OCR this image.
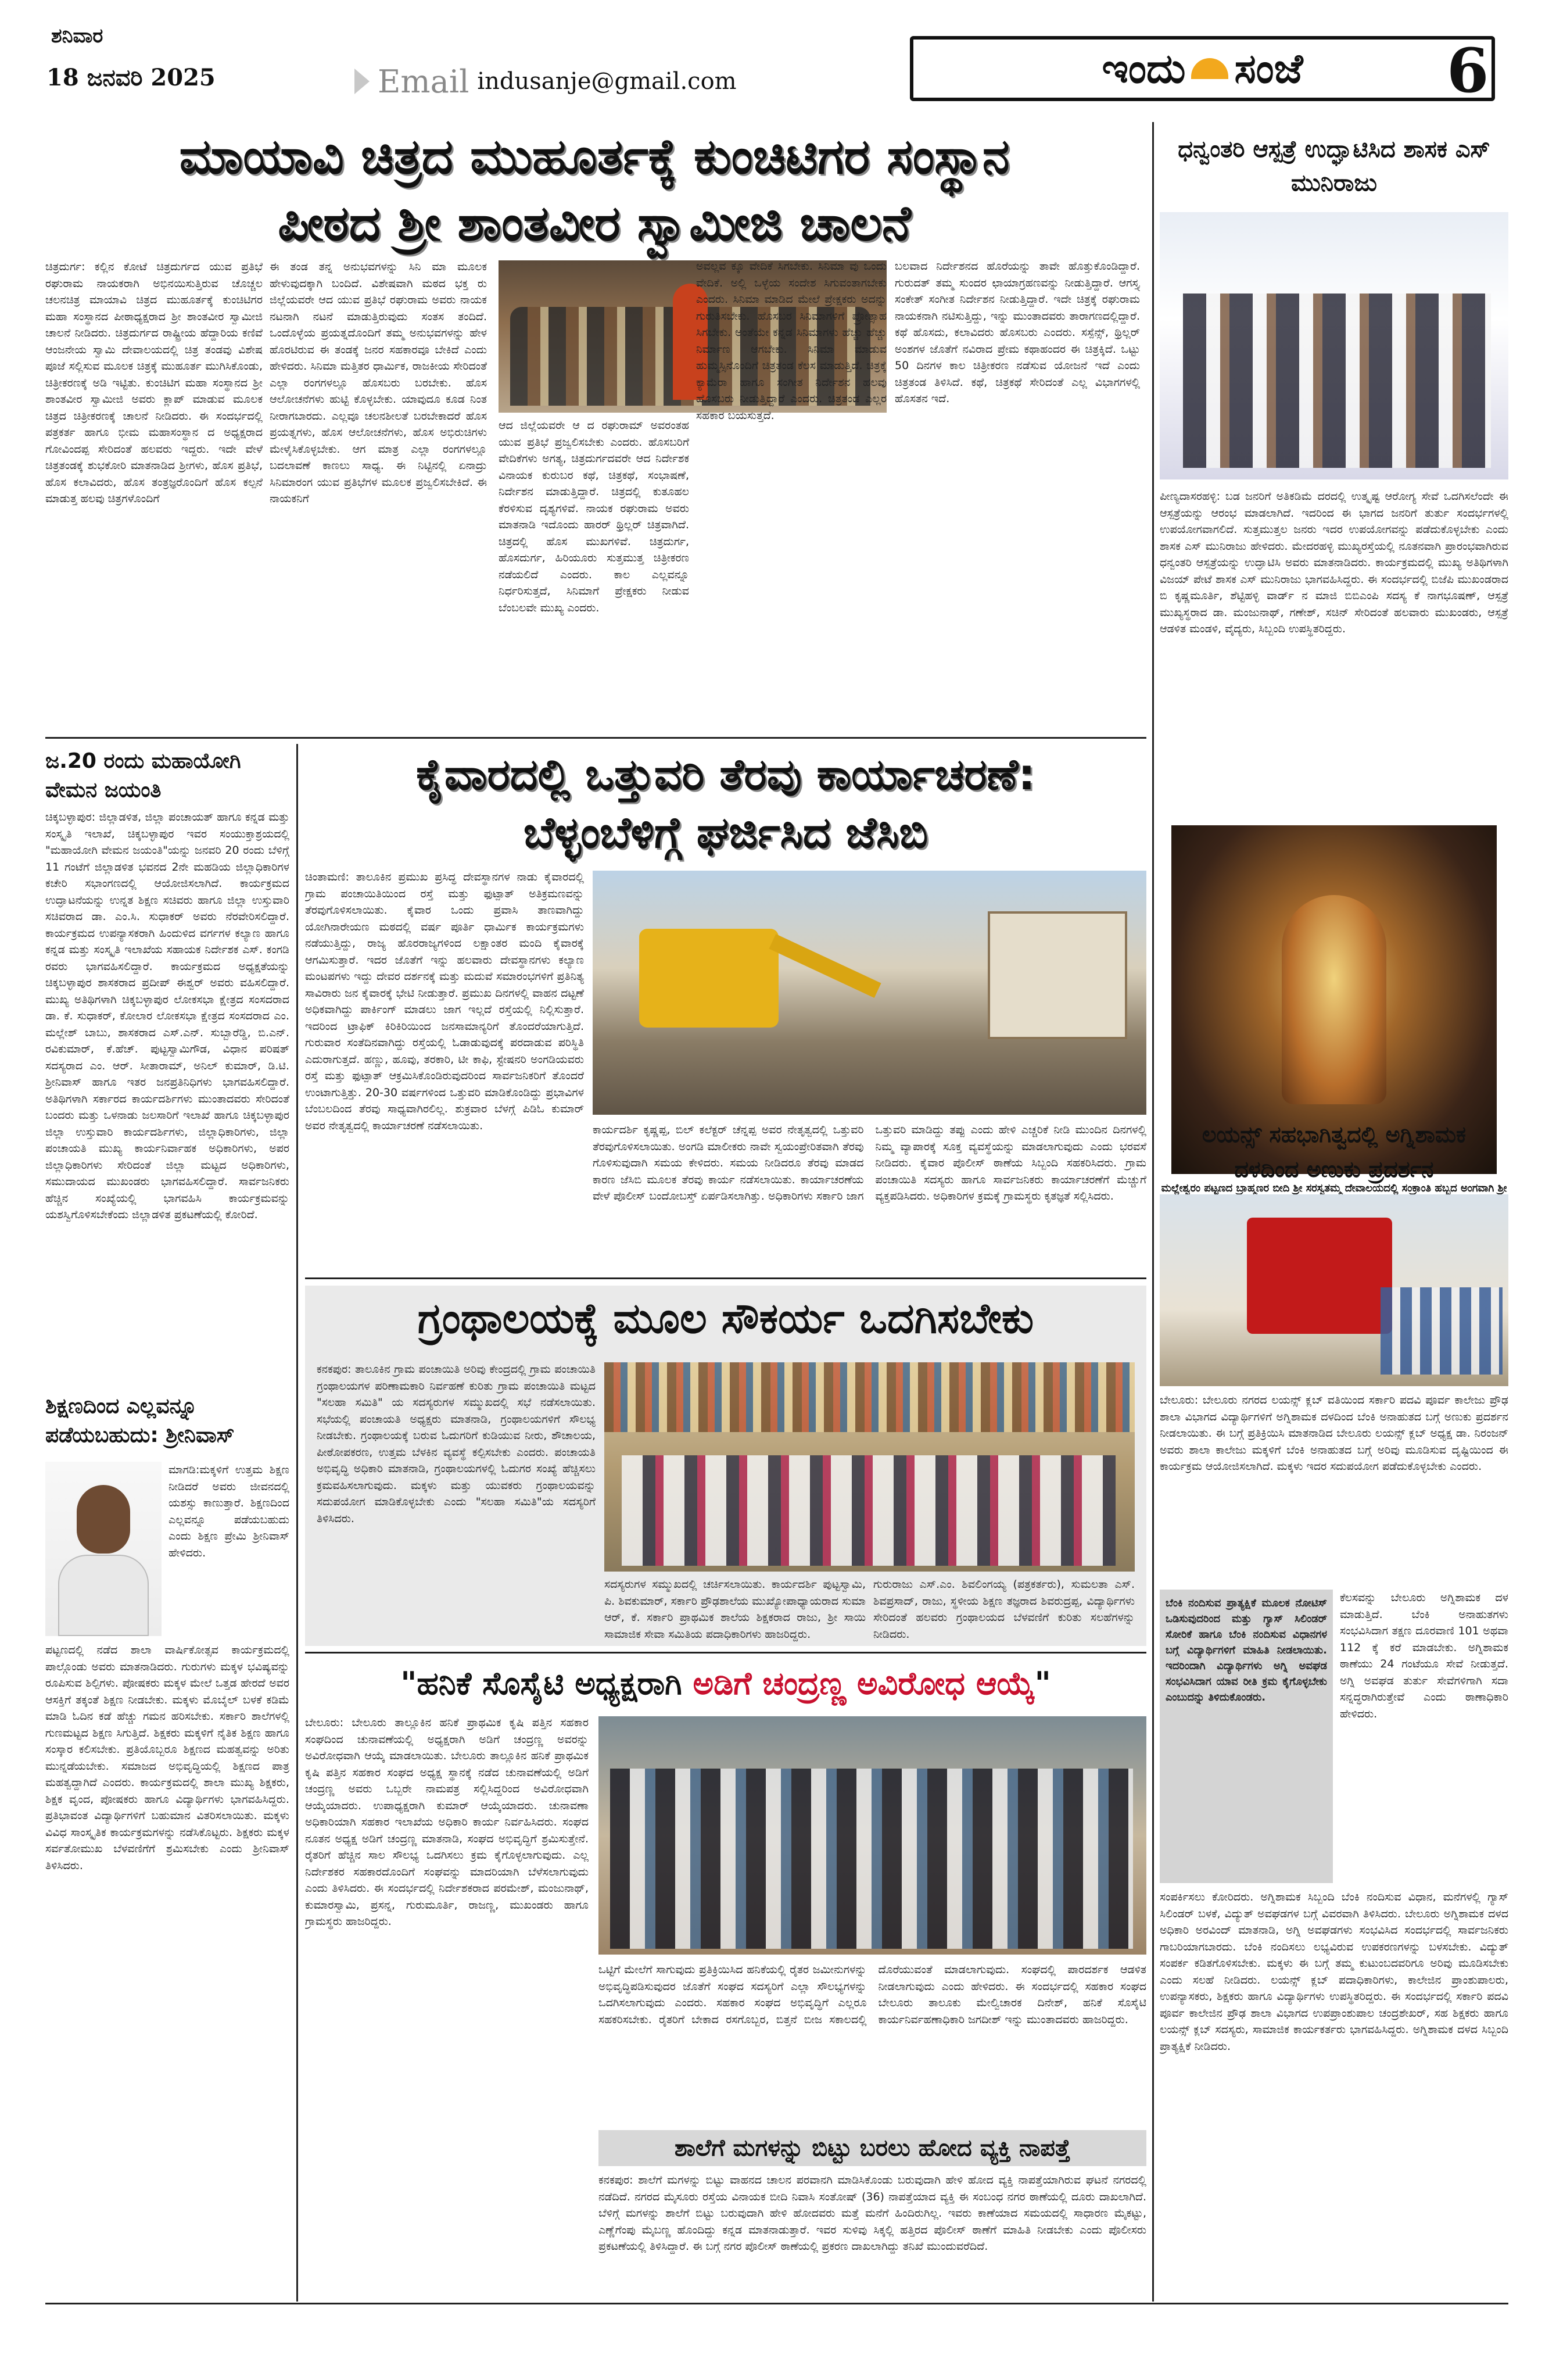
ಶನಿವಾರ
18 ಜನವರಿ 2025	Email indusanje@gmail.com	ಇಂದು ಸಂಜೆ 6
ಮಾಯಾವಿ ಚಿತ್ರದ ಮುಹೂರ್ತಕ್ಕೆ ಕುಂಚಿಟಿಗರ ಸಂಸ್ಥಾನ
ಪೀಠದ ಶ್ರೀ ಶಾಂತವೀರ ಸ್ವಾಮೀಜಿ ಚಾಲನೆ
ಚಿತ್ರದುರ್ಗ: ಕಲ್ಲಿನ ಕೋಟೆ ಚಿತ್ರದುರ್ಗದ ಯುವ ಪ್ರತಿಭೆ ರಘುರಾಮ ನಾಯಕರಾಗಿ ಅಭಿನಯಿಸುತ್ತಿರುವ ಚೊಚ್ಚಲ ಚಲನಚಿತ್ರ ಮಾಯಾವಿ ಚಿತ್ರದ ಮುಹೂರ್ತಕ್ಕೆ ಕುಂಚಿಟಿಗರ ಮಹಾ ಸಂಸ್ಥಾನದ ಪೀಠಾಧ್ಯಕ್ಷರಾದ ಶ್ರೀ ಶಾಂತವೀರ ಸ್ವಾಮೀಜಿ ಚಾಲನೆ ನೀಡಿದರು. ಚಿತ್ರದುರ್ಗದ ರಾಷ್ಟ್ರೀಯ ಹೆದ್ದಾರಿಯ ಕಣಿವೆ ಆಂಜನೇಯ ಸ್ವಾಮಿ ದೇವಾಲಯದಲ್ಲಿ ಚಿತ್ರ ತಂಡವು ವಿಶೇಷ ಪೂಜೆ ಸಲ್ಲಿಸುವ ಮೂಲಕ ಚಿತ್ರಕ್ಕೆ ಮುಹೂರ್ತ ಮುಗಿಸಿಕೊಂಡು, ಚಿತ್ರೀಕರಣಕ್ಕೆ ಅಡಿ ಇಟ್ಟಿತು. ಕುಂಚಿಟಿಗ ಮಹಾ ಸಂಸ್ಥಾನದ ಶ್ರೀ ಶಾಂತವೀರ ಸ್ವಾಮೀಜಿ ಅವರು ಕ್ಲಾಪ್ ಮಾಡುವ ಮೂಲಕ ಚಿತ್ರದ ಚಿತ್ರೀಕರಣಕ್ಕೆ ಚಾಲನೆ ನೀಡಿದರು. ಈ ಸಂದರ್ಭದಲ್ಲಿ ಪತ್ರಕರ್ತ ಹಾಗೂ ಭೀಮ ಮಹಾಸಂಸ್ಥಾನ ದ ಅಧ್ಯಕ್ಷರಾದ ಗೋವಿಂದಪ್ಪ ಸೇರಿದಂತೆ ಹಲವರು ಇದ್ದರು. ಇದೇ ವೇಳೆ ಚಿತ್ರತಂಡಕ್ಕೆ ಶುಭಕೋರಿ ಮಾತನಾಡಿದ ಶ್ರೀಗಳು, ಹೊಸ ಪ್ರತಿಭೆ, ಹೊಸ ಕಲಾವಿದರು, ಹೊಸ ತಂತ್ರಜ್ಞರೊಂದಿಗೆ ಹೊಸ ಕಲ್ಪನೆ ಮಾಡುತ್ತ ಹಲವು ಚಿತ್ರಗಳೊಂದಿಗೆ
ಈ ತಂಡ ತನ್ನ ಅನುಭವಗಳನ್ನು ಸಿನಿ ಮಾ ಮೂಲಕ ಹೇಳುವುದಕ್ಕಾಗಿ ಬಂದಿದೆ. ವಿಶೇಷವಾಗಿ ಮಠದ ಭಕ್ತ ರು ಜಿಲ್ಲೆಯವರೇ ಆದ ಯುವ ಪ್ರತಿಭೆ ರಘುರಾಮ ಅವರು ನಾಯಕ ನಟನಾಗಿ ನಟನೆ ಮಾಡುತ್ತಿರುವುದು ಸಂತಸ ತಂದಿದೆ. ಒಂದೊಳ್ಳೆಯ ಪ್ರಯತ್ನದೊಂದಿಗೆ ತಮ್ಮ ಅನುಭವಗಳನ್ನು ಹೇಳ ಹೊರಟಿರುವ ಈ ತಂಡಕ್ಕೆ ಜನರ ಸಹಕಾರವೂ ಬೇಕಿದೆ ಎಂದು ಹೇಳಿದರು. ಸಿನಿಮಾ ಮತ್ತಿತರ ಧಾರ್ಮಿಕ, ರಾಜಕೀಯ ಸೇರಿದಂತೆ ಎಲ್ಲಾ ರಂಗಗಳಲ್ಲೂ ಹೊಸಬರು ಬರಬೇಕು. ಹೊಸ ಆಲೋಚನೆಗಳು ಹುಟ್ಟಿ ಕೊಳ್ಳಬೇಕು. ಯಾವುದೂ ಕೂಡ ನಿಂತ ನೀರಾಗಬಾರದು. ಎಲ್ಲವೂ ಚಲನಶೀಲತೆ ಬರಬೇಕಾದರೆ ಹೊಸ ಪ್ರಯತ್ನಗಳು, ಹೊಸ ಆಲೋಚನೆಗಳು, ಹೊಸ ಅಭಿರುಚಿಗಳು ಮೇಳೈಸಿಕೊಳ್ಳಬೇಕು. ಆಗ ಮಾತ್ರ ಎಲ್ಲಾ ರಂಗಗಳಲ್ಲೂ ಬದಲಾವಣೆ ಕಾಣಲು ಸಾಧ್ಯ. ಈ ನಿಟ್ಟಿನಲ್ಲಿ ಏನಾದ್ರು ಸಿನಿಮಾರಂಗ ಯುವ ಪ್ರತಿಭೆಗಳ ಮೂಲಕ ಪ್ರಜ್ವಲಿಸಬೇಕಿದೆ. ಈ ನಾಯಕನಿಗೆ
ಆದ ಜಿಲ್ಲೆಯವರೇ ಆ ದ ರಘುರಾಮ್ ಅವರಂತಹ ಯುವ ಪ್ರತಿಭೆ ಪ್ರಜ್ವಲಿಸಬೇಕು ಎಂದರು. ಹೊಸಬರಿಗೆ ವೇದಿಕೆಗಳು ಅಗತ್ಯ, ಚಿತ್ರದುರ್ಗದವರೇ ಆದ ನಿರ್ದೇಶಕ ವಿನಾಯಕ ಕುರುಬರ ಕಥೆ, ಚಿತ್ರಕಥೆ, ಸಂಭಾಷಣೆ, ನಿರ್ದೇಶನ ಮಾಡುತ್ತಿದ್ದಾರೆ. ಚಿತ್ರದಲ್ಲಿ ಕುತೂಹಲ ಕೆರಳಿಸುವ ದೃಶ್ಯಗಳಿವೆ. ನಾಯಕ ರಘುರಾಮ ಅವರು ಮಾತನಾಡಿ ಇದೊಂದು ಹಾರರ್ ಥ್ರಿಲ್ಲರ್ ಚಿತ್ರವಾಗಿದೆ. ಚಿತ್ರದಲ್ಲಿ ಹೊಸ ಮುಖಗಳಿವೆ. ಚಿತ್ರದುರ್ಗ, ಹೊಸದುರ್ಗ, ಹಿರಿಯೂರು ಸುತ್ತಮುತ್ತ ಚಿತ್ರೀಕರಣ ನಡೆಯಲಿದೆ ಎಂದರು. ಕಾಲ ಎಲ್ಲವನ್ನೂ ನಿರ್ಧರಿಸುತ್ತದೆ, ಸಿನಿಮಾಗೆ ಪ್ರೇಕ್ಷಕರು ನೀಡುವ ಬೆಂಬಲವೇ ಮುಖ್ಯ ಎಂದರು.
ಅವಲ್ಲವ ಕ್ಕೂ ವೇದಿಕೆ ಸಿಗಬೇಕು. ಸಿನಿಮಾ ವು ಒಂದು ವೇದಿಕೆ. ಅಲ್ಲಿ ಒಳ್ಳೆಯ ಸಂದೇಶ ಸಿಗುವಂತಾಗಬೇಕು ಎಂದರು. ಸಿನಿಮಾ ಮಾಡಿದ ಮೇಲೆ ಪ್ರೇಕ್ಷಕರು ಅದನ್ನು ಗುರುತಿಸಬೇಕು. ಹೊಸಬರ ಸಿನಿಮಾಗಳಿಗೆ ಪ್ರೋತ್ಸಾಹ ಸಿಗಬೇಕು. ಅಂತೆಯೇ ಕನ್ನಡ ಸಿನಿಮಾಗಳು ಹೆಚ್ಚು ಹೆಚ್ಚು ನಿರ್ಮಾಣ ಆಗಬೇಕು. ಸಿನಿಮಾ ಮಾಡುವ ಹುಮ್ಮಸ್ಸಿನೊಂದಿಗೆ ಚಿತ್ರತಂಡ ಕೆಲಸ ಮಾಡುತ್ತಿದೆ. ಚಿತ್ರಕ್ಕೆ ಕ್ಯಾಮೆರಾ ಹಾಗೂ ಸಂಗೀತ ನಿರ್ದೇಶನ ಹಲವು ಹೊಸಬರು ನೀಡುತ್ತಿದ್ದಾರೆ ಎಂದರು. ಚಿತ್ರತಂಡ ಎಲ್ಲರ ಸಹಕಾರ ಬಯಸುತ್ತದೆ.
ಬಲವಾದ ನಿರ್ದೇಶನದ ಹೊರೆಯನ್ನು ತಾವೇ ಹೊತ್ತುಕೊಂಡಿದ್ದಾರೆ. ಗುರುದತ್ ತಮ್ಮ ಸುಂದರ ಛಾಯಾಗ್ರಹಣವನ್ನು ನೀಡುತ್ತಿದ್ದಾರೆ. ಆಗಸ್ತ್ಯ ಸಂಕೇತ್ ಸಂಗೀತ ನಿರ್ದೇಶನ ನೀಡುತ್ತಿದ್ದಾರೆ. ಇದೇ ಚಿತ್ರಕ್ಕೆ ರಘುರಾಮ ನಾಯಕನಾಗಿ ನಟಿಸುತ್ತಿದ್ದು, ಇನ್ನು ಮುಂತಾದವರು ತಾರಾಗಣದಲ್ಲಿದ್ದಾರೆ. ಕಥೆ ಹೊಸದು, ಕಲಾವಿದರು ಹೊಸಬರು ಎಂದರು. ಸಸ್ಪೆನ್ಸ್, ಥ್ರಿಲ್ಲರ್ ಅಂಶಗಳ ಜೊತೆಗೆ ನವಿರಾದ ಪ್ರೇಮ ಕಥಾಹಂದರ ಈ ಚಿತ್ರಕ್ಕಿದೆ. ಒಟ್ಟು 50 ದಿನಗಳ ಕಾಲ ಚಿತ್ರೀಕರಣ ನಡೆಸುವ ಯೋಜನೆ ಇದೆ ಎಂದು ಚಿತ್ರತಂಡ ತಿಳಿಸಿದೆ. ಕಥೆ, ಚಿತ್ರಕಥೆ ಸೇರಿದಂತೆ ಎಲ್ಲ ವಿಭಾಗಗಳಲ್ಲಿ ಹೊಸತನ ಇದೆ.
ಧನ್ವಂತರಿ ಆಸ್ಪತ್ರೆ ಉದ್ಘಾಟಿಸಿದ ಶಾಸಕ ಎಸ್ ಮುನಿರಾಜು
ಪೀಣ್ಯದಾಸರಹಳ್ಳಿ: ಬಡ ಜನರಿಗೆ ಅತಿಕಡಿಮೆ ದರದಲ್ಲಿ ಉತ್ಕೃಷ್ಟ ಆರೋಗ್ಯ ಸೇವೆ ಒದಗಿಸಲೆಂದೇ ಈ ಆಸ್ಪತ್ರೆಯನ್ನು ಆರಂಭ ಮಾಡಲಾಗಿದೆ. ಇದರಿಂದ ಈ ಭಾಗದ ಜನರಿಗೆ ತುರ್ತು ಸಂದರ್ಭಗಳಲ್ಲಿ ಉಪಯೋಗವಾಗಲಿದೆ. ಸುತ್ತಮುತ್ತಲ ಜನರು ಇದರ ಉಪಯೋಗವನ್ನು ಪಡೆದುಕೊಳ್ಳಬೇಕು ಎಂದು ಶಾಸಕ ಎಸ್ ಮುನಿರಾಜು ಹೇಳಿದರು. ಮೇದರಹಳ್ಳಿ ಮುಖ್ಯರಸ್ತೆಯಲ್ಲಿ ನೂತನವಾಗಿ ಪ್ರಾರಂಭವಾಗಿರುವ ಧನ್ವಂತರಿ ಆಸ್ಪತ್ರೆಯನ್ನು ಉದ್ಘಾಟಿಸಿ ಅವರು ಮಾತನಾಡಿದರು. ಕಾರ್ಯಕ್ರಮದಲ್ಲಿ ಮುಖ್ಯ ಅತಿಥಿಗಳಾಗಿ ವಿಜಯ್ ಪೇಟೆ ಶಾಸಕ ಎಸ್ ಮುನಿರಾಜು ಭಾಗವಹಿಸಿದ್ದರು. ಈ ಸಂದರ್ಭದಲ್ಲಿ ಬಿಜೆಪಿ ಮುಖಂಡರಾದ ಬಿ ಕೃಷ್ಣಮೂರ್ತಿ, ಶೆಟ್ಟಿಹಳ್ಳಿ ವಾರ್ಡ್ ನ ಮಾಜಿ ಬಿಬಿಎಂಪಿ ಸದಸ್ಯ ಕೆ ನಾಗಭೂಷಣ್, ಆಸ್ಪತ್ರೆ ಮುಖ್ಯಸ್ಥರಾದ ಡಾ. ಮಂಜುನಾಥ್, ಗಣೇಶ್, ಸಚಿನ್ ಸೇರಿದಂತೆ ಹಲವಾರು ಮುಖಂಡರು, ಆಸ್ಪತ್ರೆ ಆಡಳಿತ ಮಂಡಳಿ, ವೈದ್ಯರು, ಸಿಬ್ಬಂದಿ ಉಪಸ್ಥಿತರಿದ್ದರು.
ಮಲ್ಲೇಶ್ವರಂ ಪಟ್ಟಣದ ಬ್ರಾಹ್ಮಣರ ಬೀದಿ ಶ್ರೀ ಸರಸ್ವತಮ್ಮ ದೇವಾಲಯದಲ್ಲಿ ಸಂಕ್ರಾಂತಿ ಹಬ್ಬದ ಅಂಗವಾಗಿ ಶ್ರೀ
ಜ.20 ರಂದು ಮಹಾಯೋಗಿ ವೇಮನ ಜಯಂತಿ
ಚಿಕ್ಕಬಳ್ಳಾಪುರ: ಜಿಲ್ಲಾಡಳಿತ, ಜಿಲ್ಲಾ ಪಂಚಾಯತ್ ಹಾಗೂ ಕನ್ನಡ ಮತ್ತು ಸಂಸ್ಕೃತಿ ಇಲಾಖೆ, ಚಿಕ್ಕಬಳ್ಳಾಪುರ ಇವರ ಸಂಯುಕ್ತಾಶ್ರಯದಲ್ಲಿ "ಮಹಾಯೋಗಿ ವೇಮನ ಜಯಂತಿ"ಯನ್ನು ಜನವರಿ 20 ರಂದು ಬೆಳಿಗ್ಗೆ 11 ಗಂಟೆಗೆ ಜಿಲ್ಲಾಡಳಿತ ಭವನದ 2ನೇ ಮಹಡಿಯ ಜಿಲ್ಲಾಧಿಕಾರಿಗಳ ಕಚೇರಿ ಸಭಾಂಗಣದಲ್ಲಿ ಆಯೋಜಿಸಲಾಗಿದೆ. ಕಾರ್ಯಕ್ರಮದ ಉದ್ಘಾಟನೆಯನ್ನು ಉನ್ನತ ಶಿಕ್ಷಣ ಸಚಿವರು ಹಾಗೂ ಜಿಲ್ಲಾ ಉಸ್ತುವಾರಿ ಸಚಿವರಾದ ಡಾ. ಎಂ.ಸಿ. ಸುಧಾಕರ್ ಅವರು ನೆರವೇರಿಸಲಿದ್ದಾರೆ. ಕಾರ್ಯಕ್ರಮದ ಉಪನ್ಯಾಸಕರಾಗಿ ಹಿಂದುಳಿದ ವರ್ಗಗಳ ಕಲ್ಯಾಣ ಹಾಗೂ ಕನ್ನಡ ಮತ್ತು ಸಂಸ್ಕೃತಿ ಇಲಾಖೆಯ ಸಹಾಯಕ ನಿರ್ದೇಶಕ ಎಸ್. ಕಂಗಡಿ ರವರು ಭಾಗವಹಿಸಲಿದ್ದಾರೆ. ಕಾರ್ಯಕ್ರಮದ ಅಧ್ಯಕ್ಷತೆಯನ್ನು ಚಿಕ್ಕಬಳ್ಳಾಪುರ ಶಾಸಕರಾದ ಪ್ರದೀಪ್ ಈಶ್ವರ್ ಅವರು ವಹಿಸಲಿದ್ದಾರೆ. ಮುಖ್ಯ ಅತಿಥಿಗಳಾಗಿ ಚಿಕ್ಕಬಳ್ಳಾಪುರ ಲೋಕಸಭಾ ಕ್ಷೇತ್ರದ ಸಂಸದರಾದ ಡಾ. ಕೆ. ಸುಧಾಕರ್, ಕೋಲಾರ ಲೋಕಸಭಾ ಕ್ಷೇತ್ರದ ಸಂಸದರಾದ ಎಂ. ಮಲ್ಲೇಶ್ ಬಾಬು, ಶಾಸಕರಾದ ಎಸ್.ಎನ್. ಸುಬ್ಬಾರೆಡ್ಡಿ, ಬಿ.ಎನ್. ರವಿಕುಮಾರ್, ಕೆ.ಹೆಚ್. ಪುಟ್ಟಸ್ವಾಮಿಗೌಡ, ವಿಧಾನ ಪರಿಷತ್ ಸದಸ್ಯರಾದ ಎಂ. ಆರ್. ಸೀತಾರಾಮ್, ಅನಿಲ್ ಕುಮಾರ್, ಡಿ.ಟಿ. ಶ್ರೀನಿವಾಸ್ ಹಾಗೂ ಇತರ ಜನಪ್ರತಿನಿಧಿಗಳು ಭಾಗವಹಿಸಲಿದ್ದಾರೆ. ಅತಿಥಿಗಳಾಗಿ ಸರ್ಕಾರದ ಕಾರ್ಯದರ್ಶಿಗಳು ಮುಂತಾದವರು ಸೇರಿದಂತೆ ಬಂದರು ಮತ್ತು ಒಳನಾಡು ಜಲಸಾರಿಗೆ ಇಲಾಖೆ ಹಾಗೂ ಚಿಕ್ಕಬಳ್ಳಾಪುರ ಜಿಲ್ಲಾ ಉಸ್ತುವಾರಿ ಕಾರ್ಯದರ್ಶಿಗಳು, ಜಿಲ್ಲಾಧಿಕಾರಿಗಳು, ಜಿಲ್ಲಾ ಪಂಚಾಯತಿ ಮುಖ್ಯ ಕಾರ್ಯನಿರ್ವಾಹಕ ಅಧಿಕಾರಿಗಳು, ಅಪರ ಜಿಲ್ಲಾಧಿಕಾರಿಗಳು ಸೇರಿದಂತೆ ಜಿಲ್ಲಾ ಮಟ್ಟದ ಅಧಿಕಾರಿಗಳು, ಸಮುದಾಯದ ಮುಖಂಡರು ಭಾಗವಹಿಸಲಿದ್ದಾರೆ. ಸಾರ್ವಜನಿಕರು ಹೆಚ್ಚಿನ ಸಂಖ್ಯೆಯಲ್ಲಿ ಭಾಗವಹಿಸಿ ಕಾರ್ಯಕ್ರಮವನ್ನು ಯಶಸ್ವಿಗೊಳಿಸಬೇಕೆಂದು ಜಿಲ್ಲಾಡಳಿತ ಪ್ರಕಟಣೆಯಲ್ಲಿ ಕೋರಿದೆ.
ಶಿಕ್ಷಣದಿಂದ ಎಲ್ಲವನ್ನೂ ಪಡೆಯಬಹುದು: ಶ್ರೀನಿವಾಸ್
ಮಾಗಡಿ:ಮಕ್ಕಳಿಗೆ ಉತ್ತಮ ಶಿಕ್ಷಣ ನೀಡಿದರೆ ಅವರು ಜೀವನದಲ್ಲಿ ಯಶಸ್ಸು ಕಾಣುತ್ತಾರೆ. ಶಿಕ್ಷಣದಿಂದ ಎಲ್ಲವನ್ನೂ ಪಡೆಯಬಹುದು ಎಂದು ಶಿಕ್ಷಣ ಪ್ರೇಮಿ ಶ್ರೀನಿವಾಸ್ ಹೇಳಿದರು.
ಪಟ್ಟಣದಲ್ಲಿ ನಡೆದ ಶಾಲಾ ವಾರ್ಷಿಕೋತ್ಸವ ಕಾರ್ಯಕ್ರಮದಲ್ಲಿ ಪಾಲ್ಗೊಂಡು ಅವರು ಮಾತನಾಡಿದರು. ಗುರುಗಳು ಮಕ್ಕಳ ಭವಿಷ್ಯವನ್ನು ರೂಪಿಸುವ ಶಿಲ್ಪಿಗಳು. ಪೋಷಕರು ಮಕ್ಕಳ ಮೇಲೆ ಒತ್ತಡ ಹೇರದೆ ಅವರ ಆಸಕ್ತಿಗೆ ತಕ್ಕಂತೆ ಶಿಕ್ಷಣ ನೀಡಬೇಕು. ಮಕ್ಕಳು ಮೊಬೈಲ್ ಬಳಕೆ ಕಡಿಮೆ ಮಾಡಿ ಓದಿನ ಕಡೆ ಹೆಚ್ಚು ಗಮನ ಹರಿಸಬೇಕು. ಸರ್ಕಾರಿ ಶಾಲೆಗಳಲ್ಲಿ ಗುಣಮಟ್ಟದ ಶಿಕ್ಷಣ ಸಿಗುತ್ತಿದೆ. ಶಿಕ್ಷಕರು ಮಕ್ಕಳಿಗೆ ನೈತಿಕ ಶಿಕ್ಷಣ ಹಾಗೂ ಸಂಸ್ಕಾರ ಕಲಿಸಬೇಕು. ಪ್ರತಿಯೊಬ್ಬರೂ ಶಿಕ್ಷಣದ ಮಹತ್ವವನ್ನು ಅರಿತು ಮುನ್ನಡೆಯಬೇಕು. ಸಮಾಜದ ಅಭಿವೃದ್ಧಿಯಲ್ಲಿ ಶಿಕ್ಷಣದ ಪಾತ್ರ ಮಹತ್ವದ್ದಾಗಿದೆ ಎಂದರು. ಕಾರ್ಯಕ್ರಮದಲ್ಲಿ ಶಾಲಾ ಮುಖ್ಯ ಶಿಕ್ಷಕರು, ಶಿಕ್ಷಕ ವೃಂದ, ಪೋಷಕರು ಹಾಗೂ ವಿದ್ಯಾರ್ಥಿಗಳು ಭಾಗವಹಿಸಿದ್ದರು. ಪ್ರತಿಭಾವಂತ ವಿದ್ಯಾರ್ಥಿಗಳಿಗೆ ಬಹುಮಾನ ವಿತರಿಸಲಾಯಿತು. ಮಕ್ಕಳು ವಿವಿಧ ಸಾಂಸ್ಕೃತಿಕ ಕಾರ್ಯಕ್ರಮಗಳನ್ನು ನಡೆಸಿಕೊಟ್ಟರು. ಶಿಕ್ಷಕರು ಮಕ್ಕಳ ಸರ್ವತೋಮುಖ ಬೆಳವಣಿಗೆಗೆ ಶ್ರಮಿಸಬೇಕು ಎಂದು ಶ್ರೀನಿವಾಸ್ ತಿಳಿಸಿದರು.
ಕೈವಾರದಲ್ಲಿ ಒತ್ತುವರಿ ತೆರವು ಕಾರ್ಯಾಚರಣೆ:
ಬೆಳ್ಳಂಬೆಳಿಗ್ಗೆ ಘರ್ಜಿಸಿದ ಜೆಸಿಬಿ
ಚಿಂತಾಮಣಿ: ತಾಲೂಕಿನ ಪ್ರಮುಖ ಪ್ರಸಿದ್ಧ ದೇವಸ್ಥಾನಗಳ ನಾಡು ಕೈವಾರದಲ್ಲಿ ಗ್ರಾಮ ಪಂಚಾಯಿತಿಯಿಂದ ರಸ್ತೆ ಮತ್ತು ಫುಟ್ಪಾತ್ ಅತಿಕ್ರಮಣವನ್ನು ತೆರವುಗೊಳಿಸಲಾಯಿತು. ಕೈವಾರ ಒಂದು ಪ್ರವಾಸಿ ತಾಣವಾಗಿದ್ದು ಯೋಗಿನಾರೇಯಣ ಮಠದಲ್ಲಿ ವರ್ಷ ಪೂರ್ತಿ ಧಾರ್ಮಿಕ ಕಾರ್ಯಕ್ರಮಗಳು ನಡೆಯುತ್ತಿದ್ದು, ರಾಜ್ಯ ಹೊರರಾಜ್ಯಗಳಿಂದ ಲಕ್ಷಾಂತರ ಮಂದಿ ಕೈವಾರಕ್ಕೆ ಆಗಮಿಸುತ್ತಾರೆ. ಇದರ ಜೊತೆಗೆ ಇನ್ನು ಹಲವಾರು ದೇವಸ್ಥಾನಗಳು ಕಲ್ಯಾಣ ಮಂಟಪಗಳು ಇದ್ದು ದೇವರ ದರ್ಶನಕ್ಕೆ ಮತ್ತು ಮದುವೆ ಸಮಾರಂಭಗಳಿಗೆ ಪ್ರತಿನಿತ್ಯ ಸಾವಿರಾರು ಜನ ಕೈವಾರಕ್ಕೆ ಭೇಟಿ ನೀಡುತ್ತಾರೆ. ಪ್ರಮುಖ ದಿನಗಳಲ್ಲಿ ವಾಹನ ದಟ್ಟಣೆ ಅಧಿಕವಾಗಿದ್ದು ಪಾರ್ಕಿಂಗ್ ಮಾಡಲು ಜಾಗ ಇಲ್ಲದೆ ರಸ್ತೆಯಲ್ಲಿ ನಿಲ್ಲಿಸುತ್ತಾರೆ. ಇದರಿಂದ ಟ್ರಾಫಿಕ್ ಕಿರಿಕಿರಿಯಿಂದ ಜನಸಾಮಾನ್ಯರಿಗೆ ತೊಂದರೆಯಾಗುತ್ತಿದೆ. ಗುರುವಾರ ಸಂತೆದಿನವಾಗಿದ್ದು ರಸ್ತೆಯಲ್ಲಿ ಓಡಾಡುವುದಕ್ಕೆ ಪರದಾಡುವ ಪರಿಸ್ಥಿತಿ ಎದುರಾಗುತ್ತದೆ. ಹಣ್ಣು, ಹೂವು, ತರಕಾರಿ, ಟೀ ಕಾಫಿ, ಸ್ಟೇಷನರಿ ಅಂಗಡಿಯವರು ರಸ್ತೆ ಮತ್ತು ಫುಟ್ಪಾತ್ ಆಕ್ರಮಿಸಿಕೊಂಡಿರುವುದರಿಂದ ಸಾರ್ವಜನಿಕರಿಗೆ ತೊಂದರೆ ಉಂಟಾಗುತ್ತಿತ್ತು. 20-30 ವರ್ಷಗಳಿಂದ ಒತ್ತುವರಿ ಮಾಡಿಕೊಂಡಿದ್ದು ಪ್ರಭಾವಿಗಳ ಬೆಂಬಲದಿಂದ ತೆರವು ಸಾಧ್ಯವಾಗಿರಲಿಲ್ಲ. ಶುಕ್ರವಾರ ಬೆಳಗ್ಗೆ ಪಿಡಿಓ ಕುಮಾರ್ ಅವರ ನೇತೃತ್ವದಲ್ಲಿ ಕಾರ್ಯಾಚರಣೆ ನಡೆಸಲಾಯಿತು.	ಕಾರ್ಯದರ್ಶಿ ಕೃಷ್ಣಪ್ಪ, ಬಿಲ್ ಕಲೆಕ್ಟರ್ ಚೆನ್ನಪ್ಪ ಅವರ ನೇತೃತ್ವದಲ್ಲಿ ಒತ್ತುವರಿ ತೆರವುಗೊಳಿಸಲಾಯಿತು. ಅಂಗಡಿ ಮಾಲೀಕರು ನಾವೇ ಸ್ವಯಂಪ್ರೇರಿತವಾಗಿ ತೆರವು ಗೊಳಿಸುವುದಾಗಿ ಸಮಯ ಕೇಳಿದರು. ಸಮಯ ನೀಡಿದರೂ ತೆರವು ಮಾಡದ ಕಾರಣ ಜೆಸಿಬಿ ಮೂಲಕ ತೆರವು ಕಾರ್ಯ ನಡೆಸಲಾಯಿತು. ಕಾರ್ಯಾಚರಣೆಯ ವೇಳೆ ಪೊಲೀಸ್ ಬಂದೋಬಸ್ತ್ ಏರ್ಪಡಿಸಲಾಗಿತ್ತು. ಅಧಿಕಾರಿಗಳು ಸರ್ಕಾರಿ ಜಾಗ ಒತ್ತುವರಿ ಮಾಡಿದ್ದು ತಪ್ಪು ಎಂದು ಹೇಳಿ ಎಚ್ಚರಿಕೆ ನೀಡಿ ಮುಂದಿನ ದಿನಗಳಲ್ಲಿ ನಿಮ್ಮ ವ್ಯಾಪಾರಕ್ಕೆ ಸೂಕ್ತ ವ್ಯವಸ್ಥೆಯನ್ನು ಮಾಡಲಾಗುವುದು ಎಂದು ಭರವಸೆ ನೀಡಿದರು. ಕೈವಾರ ಪೊಲೀಸ್ ಠಾಣೆಯ ಸಿಬ್ಬಂದಿ ಸಹಕರಿಸಿದರು. ಗ್ರಾಮ ಪಂಚಾಯಿತಿ ಸದಸ್ಯರು ಹಾಗೂ ಸಾರ್ವಜನಿಕರು ಕಾರ್ಯಾಚರಣೆಗೆ ಮೆಚ್ಚುಗೆ ವ್ಯಕ್ತಪಡಿಸಿದರು. ಅಧಿಕಾರಿಗಳ ಕ್ರಮಕ್ಕೆ ಗ್ರಾಮಸ್ಥರು ಕೃತಜ್ಞತೆ ಸಲ್ಲಿಸಿದರು.
ಗ್ರಂಥಾಲಯಕ್ಕೆ ಮೂಲ ಸೌಕರ್ಯ ಒದಗಿಸಬೇಕು
ಕನಕಪುರ: ತಾಲೂಕಿನ ಗ್ರಾಮ ಪಂಚಾಯಿತಿ ಅರಿವು ಕೇಂದ್ರದಲ್ಲಿ ಗ್ರಾಮ ಪಂಚಾಯಿತಿ ಗ್ರಂಥಾಲಯಗಳ ಪರಿಣಾಮಕಾರಿ ನಿರ್ವಹಣೆ ಕುರಿತು ಗ್ರಾಮ ಪಂಚಾಯಿತಿ ಮಟ್ಟದ "ಸಲಹಾ ಸಮಿತಿ" ಯ ಸದಸ್ಯರುಗಳ ಸಮ್ಮುಖದಲ್ಲಿ ಸಭೆ ನಡೆಸಲಾಯಿತು. ಸಭೆಯಲ್ಲಿ ಪಂಚಾಯತಿ ಅಧ್ಯಕ್ಷರು ಮಾತನಾಡಿ, ಗ್ರಂಥಾಲಯಗಳಿಗೆ ಸೌಲಭ್ಯ ನೀಡಬೇಕು. ಗ್ರಂಥಾಲಯಕ್ಕೆ ಬರುವ ಓದುಗರಿಗೆ ಕುಡಿಯುವ ನೀರು, ಶೌಚಾಲಯ, ಪೀಠೋಪಕರಣ, ಉತ್ತಮ ಬೆಳಕಿನ ವ್ಯವಸ್ಥೆ ಕಲ್ಪಿಸಬೇಕು ಎಂದರು. ಪಂಚಾಯತಿ ಅಭಿವೃದ್ಧಿ ಅಧಿಕಾರಿ ಮಾತನಾಡಿ, ಗ್ರಂಥಾಲಯಗಳಲ್ಲಿ ಓದುಗರ ಸಂಖ್ಯೆ ಹೆಚ್ಚಿಸಲು ಕ್ರಮವಹಿಸಲಾಗುವುದು. ಮಕ್ಕಳು ಮತ್ತು ಯುವಕರು ಗ್ರಂಥಾಲಯವನ್ನು ಸದುಪಯೋಗ ಮಾಡಿಕೊಳ್ಳಬೇಕು ಎಂದು "ಸಲಹಾ ಸಮಿತಿ"ಯ ಸದಸ್ಯರಿಗೆ ತಿಳಿಸಿದರು.
ಸದಸ್ಯರುಗಳ ಸಮ್ಮುಖದಲ್ಲಿ ಚರ್ಚಿಸಲಾಯಿತು. ಕಾರ್ಯದರ್ಶಿ ಪುಟ್ಟಸ್ವಾಮಿ, ಪಿ. ಶಿವಕುಮಾರ್, ಸರ್ಕಾರಿ ಪ್ರೌಢಶಾಲೆಯ ಮುಖ್ಯೋಪಾಧ್ಯಾಯರಾದ ಸುಮಾ ಆರ್, ಕೆ. ಸರ್ಕಾರಿ ಪ್ರಾಥಮಿಕ ಶಾಲೆಯ ಶಿಕ್ಷಕರಾದ ರಾಜು, ಶ್ರೀ ಸಾಯಿ ಸಾಮಾಜಿಕ ಸೇವಾ ಸಮಿತಿಯ ಪದಾಧಿಕಾರಿಗಳು ಹಾಜರಿದ್ದರು.
ಗುರುರಾಜು ಎಸ್.ಎಂ. ಶಿವಲಿಂಗಯ್ಯ (ಪತ್ರಕರ್ತರು), ಸುಮಲತಾ ಎಸ್. ಶಿವಪ್ರಸಾದ್, ರಾಜು, ಸ್ಥಳೀಯ ಶಿಕ್ಷಣ ತಜ್ಞರಾದ ಶಿವರುದ್ರಪ್ಪ, ವಿದ್ಯಾರ್ಥಿಗಳು ಸೇರಿದಂತೆ ಹಲವರು ಗ್ರಂಥಾಲಯದ ಬೆಳವಣಿಗೆ ಕುರಿತು ಸಲಹೆಗಳನ್ನು ನೀಡಿದರು.
ಲಯನ್ಸ್ ಸಹಭಾಗಿತ್ವದಲ್ಲಿ ಅಗ್ನಿಶಾಮಕ
ದಳದಿಂದ ಅಣುಕು ಪ್ರದರ್ಶನ
ಬೇಲೂರು: ಬೇಲೂರು ನಗರದ ಲಯನ್ಸ್ ಕ್ಲಬ್ ವತಿಯಿಂದ ಸರ್ಕಾರಿ ಪದವಿ ಪೂರ್ವ ಕಾಲೇಜು ಪ್ರೌಢ ಶಾಲಾ ವಿಭಾಗದ ವಿದ್ಯಾರ್ಥಿಗಳಿಗೆ ಅಗ್ನಿಶಾಮಕ ದಳದಿಂದ ಬೆಂಕಿ ಅನಾಹುತದ ಬಗ್ಗೆ ಅಣುಕು ಪ್ರದರ್ಶನ ನೀಡಲಾಯಿತು. ಈ ಬಗ್ಗೆ ಪ್ರತಿಕ್ರಿಯಿಸಿ ಮಾತನಾಡಿದ ಬೇಲೂರು ಲಯನ್ಸ್ ಕ್ಲಬ್ ಅಧ್ಯಕ್ಷ ಡಾ. ನಿರಂಜನ್ ಅವರು ಶಾಲಾ ಕಾಲೇಜು ಮಕ್ಕಳಿಗೆ ಬೆಂಕಿ ಅನಾಹುತದ ಬಗ್ಗೆ ಅರಿವು ಮೂಡಿಸುವ ದೃಷ್ಟಿಯಿಂದ ಈ ಕಾರ್ಯಕ್ರಮ ಆಯೋಜಿಸಲಾಗಿದೆ. ಮಕ್ಕಳು ಇದರ ಸದುಪಯೋಗ ಪಡೆದುಕೊಳ್ಳಬೇಕು ಎಂದರು.
ಬೆಂಕಿ ನಂದಿಸುವ ಪ್ರಾತ್ಯಕ್ಷಿಕೆ ಮೂಲಕ ನೋಟಿಸ್ ಒಡಿಸುವುದರಿಂದ ಮತ್ತು ಗ್ಯಾಸ್ ಸಿಲಿಂಡರ್ ಸೋರಿಕೆ ಹಾಗೂ ಬೆಂಕಿ ನಂದಿಸುವ ವಿಧಾನಗಳ ಬಗ್ಗೆ ವಿದ್ಯಾರ್ಥಿಗಳಿಗೆ ಮಾಹಿತಿ ನೀಡಲಾಯಿತು. ಇದರಿಂದಾಗಿ ವಿದ್ಯಾರ್ಥಿಗಳು ಅಗ್ನಿ ಅವಘಡ ಸಂಭವಿಸಿದಾಗ ಯಾವ ರೀತಿ ಕ್ರಮ ಕೈಗೊಳ್ಳಬೇಕು ಎಂಬುದನ್ನು ತಿಳಿದುಕೊಂಡರು.
ಕೆಲಸವನ್ನು ಬೇಲೂರು ಅಗ್ನಿಶಾಮಕ ದಳ ಮಾಡುತ್ತಿದೆ. ಬೆಂಕಿ ಅನಾಹುತಗಳು ಸಂಭವಿಸಿದಾಗ ತಕ್ಷಣ ದೂರವಾಣಿ 101 ಅಥವಾ 112 ಕ್ಕೆ ಕರೆ ಮಾಡಬೇಕು. ಅಗ್ನಿಶಾಮಕ ಠಾಣೆಯು 24 ಗಂಟೆಯೂ ಸೇವೆ ನೀಡುತ್ತದೆ. ಅಗ್ನಿ ಅವಘಡ ತುರ್ತು ಸೇವೆಗಳಿಗಾಗಿ ಸದಾ ಸನ್ನದ್ಧರಾಗಿರುತ್ತೇವೆ ಎಂದು ಠಾಣಾಧಿಕಾರಿ ಹೇಳಿದರು.
ಸಂಪರ್ಕಿಸಲು ಕೋರಿದರು. ಅಗ್ನಿಶಾಮಕ ಸಿಬ್ಬಂದಿ ಬೆಂಕಿ ನಂದಿಸುವ ವಿಧಾನ, ಮನೆಗಳಲ್ಲಿ ಗ್ಯಾಸ್ ಸಿಲಿಂಡರ್ ಬಳಕೆ, ವಿದ್ಯುತ್ ಅವಘಡಗಳ ಬಗ್ಗೆ ವಿವರವಾಗಿ ತಿಳಿಸಿದರು. ಬೇಲೂರು ಅಗ್ನಿಶಾಮಕ ದಳದ ಅಧಿಕಾರಿ ಅರವಿಂದ್ ಮಾತನಾಡಿ, ಅಗ್ನಿ ಅವಘಡಗಳು ಸಂಭವಿಸಿದ ಸಂದರ್ಭದಲ್ಲಿ ಸಾರ್ವಜನಿಕರು ಗಾಬರಿಯಾಗಬಾರದು. ಬೆಂಕಿ ನಂದಿಸಲು ಲಭ್ಯವಿರುವ ಉಪಕರಣಗಳನ್ನು ಬಳಸಬೇಕು. ವಿದ್ಯುತ್ ಸಂಪರ್ಕ ಕಡಿತಗೊಳಿಸಬೇಕು. ಮಕ್ಕಳು ಈ ಬಗ್ಗೆ ತಮ್ಮ ಕುಟುಂಬದವರಿಗೂ ಅರಿವು ಮೂಡಿಸಬೇಕು ಎಂದು ಸಲಹೆ ನೀಡಿದರು. ಲಯನ್ಸ್ ಕ್ಲಬ್ ಪದಾಧಿಕಾರಿಗಳು, ಕಾಲೇಜಿನ ಪ್ರಾಂಶುಪಾಲರು, ಉಪನ್ಯಾಸಕರು, ಶಿಕ್ಷಕರು ಹಾಗೂ ವಿದ್ಯಾರ್ಥಿಗಳು ಉಪಸ್ಥಿತರಿದ್ದರು. ಈ ಸಂದರ್ಭದಲ್ಲಿ ಸರ್ಕಾರಿ ಪದವಿ ಪೂರ್ವ ಕಾಲೇಜಿನ ಪ್ರೌಢ ಶಾಲಾ ವಿಭಾಗದ ಉಪಪ್ರಾಂಶುಪಾಲ ಚಂದ್ರಶೇಖರ್, ಸಹ ಶಿಕ್ಷಕರು ಹಾಗೂ ಲಯನ್ಸ್ ಕ್ಲಬ್ ಸದಸ್ಯರು, ಸಾಮಾಜಿಕ ಕಾರ್ಯಕರ್ತರು ಭಾಗವಹಿಸಿದ್ದರು. ಅಗ್ನಿಶಾಮಕ ದಳದ ಸಿಬ್ಬಂದಿ ಪ್ರಾತ್ಯಕ್ಷಿಕೆ ನೀಡಿದರು.
"ಹನಿಕೆ ಸೊಸೈಟಿ ಅಧ್ಯಕ್ಷರಾಗಿ ಅಡಿಗೆ ಚಂದ್ರಣ್ಣ ಅವಿರೋಧ ಆಯ್ಕೆ"
ಬೇಲೂರು: ಬೇಲೂರು ತಾಲ್ಲೂಕಿನ ಹನಿಕೆ ಪ್ರಾಥಮಿಕ ಕೃಷಿ ಪತ್ತಿನ ಸಹಕಾರ ಸಂಘದಿಂದ ಚುನಾವಣೆಯಲ್ಲಿ ಅಧ್ಯಕ್ಷರಾಗಿ ಅಡಿಗೆ ಚಂದ್ರಣ್ಣ ಅವರನ್ನು ಅವಿರೋಧವಾಗಿ ಆಯ್ಕೆ ಮಾಡಲಾಯಿತು. ಬೇಲೂರು ತಾಲ್ಲೂಕಿನ ಹನಿಕೆ ಪ್ರಾಥಮಿಕ ಕೃಷಿ ಪತ್ತಿನ ಸಹಕಾರ ಸಂಘದ ಅಧ್ಯಕ್ಷ ಸ್ಥಾನಕ್ಕೆ ನಡೆದ ಚುನಾವಣೆಯಲ್ಲಿ ಅಡಿಗೆ ಚಂದ್ರಣ್ಣ ಅವರು ಒಬ್ಬರೇ ನಾಮಪತ್ರ ಸಲ್ಲಿಸಿದ್ದರಿಂದ ಅವಿರೋಧವಾಗಿ ಆಯ್ಕೆಯಾದರು. ಉಪಾಧ್ಯಕ್ಷರಾಗಿ ಕುಮಾರ್ ಆಯ್ಕೆಯಾದರು. ಚುನಾವಣಾ ಅಧಿಕಾರಿಯಾಗಿ ಸಹಕಾರ ಇಲಾಖೆಯ ಅಧಿಕಾರಿ ಕಾರ್ಯ ನಿರ್ವಹಿಸಿದರು. ಸಂಘದ ನೂತನ ಅಧ್ಯಕ್ಷ ಅಡಿಗೆ ಚಂದ್ರಣ್ಣ ಮಾತನಾಡಿ, ಸಂಘದ ಅಭಿವೃದ್ಧಿಗೆ ಶ್ರಮಿಸುತ್ತೇನೆ. ರೈತರಿಗೆ ಹೆಚ್ಚಿನ ಸಾಲ ಸೌಲಭ್ಯ ಒದಗಿಸಲು ಕ್ರಮ ಕೈಗೊಳ್ಳಲಾಗುವುದು. ಎಲ್ಲ ನಿರ್ದೇಶಕರ ಸಹಕಾರದೊಂದಿಗೆ ಸಂಘವನ್ನು ಮಾದರಿಯಾಗಿ ಬೆಳೆಸಲಾಗುವುದು ಎಂದು ತಿಳಿಸಿದರು. ಈ ಸಂದರ್ಭದಲ್ಲಿ ನಿರ್ದೇಶಕರಾದ ಪರಮೇಶ್, ಮಂಜುನಾಥ್, ಕುಮಾರಸ್ವಾಮಿ, ಪ್ರಸನ್ನ, ಗುರುಮೂರ್ತಿ, ರಾಜಣ್ಣ, ಮುಖಂಡರು ಹಾಗೂ ಗ್ರಾಮಸ್ಥರು ಹಾಜರಿದ್ದರು.
ಒಟ್ಟಿಗೆ ಮೇಲೆಗೆ ಸಾಗುವುದು ಪ್ರತಿಕ್ರಿಯಿಸಿದ ಹನಿಕೆಯಲ್ಲಿ ರೈತರ ಜಮೀನುಗಳನ್ನು ಅಭಿವೃದ್ಧಿಪಡಿಸುವುದರ ಜೊತೆಗೆ ಸಂಘದ ಸದಸ್ಯರಿಗೆ ಎಲ್ಲಾ ಸೌಲಭ್ಯಗಳನ್ನು ಒದಗಿಸಲಾಗುವುದು ಎಂದರು. ಸಹಕಾರ ಸಂಘದ ಅಭಿವೃದ್ಧಿಗೆ ಎಲ್ಲರೂ ಸಹಕರಿಸಬೇಕು. ರೈತರಿಗೆ ಬೇಕಾದ ರಸಗೊಬ್ಬರ, ಬಿತ್ತನೆ ಬೀಜ ಸಕಾಲದಲ್ಲಿ ದೊರೆಯುವಂತೆ ಮಾಡಲಾಗುವುದು. ಸಂಘದಲ್ಲಿ ಪಾರದರ್ಶಕ ಆಡಳಿತ ನೀಡಲಾಗುವುದು ಎಂದು ಹೇಳಿದರು. ಈ ಸಂದರ್ಭದಲ್ಲಿ ಸಹಕಾರ ಸಂಘದ ಬೇಲೂರು ತಾಲೂಕು ಮೇಲ್ವಿಚಾರಕ ದಿನೇಶ್, ಹನಿಕೆ ಸೊಸೈಟಿ ಕಾರ್ಯನಿರ್ವಹಣಾಧಿಕಾರಿ ಜಗದೀಶ್ ಇನ್ನು ಮುಂತಾದವರು ಹಾಜರಿದ್ದರು.
ಶಾಲೆಗೆ ಮಗಳನ್ನು ಬಿಟ್ಟು ಬರಲು ಹೋದ ವ್ಯಕ್ತಿ ನಾಪತ್ತೆ
ಕನಕಪುರ: ಶಾಲೆಗೆ ಮಗಳನ್ನು ಬಿಟ್ಟು ವಾಹನದ ಚಾಲನ ಪರವಾನಗಿ ಮಾಡಿಸಿಕೊಂಡು ಬರುವುದಾಗಿ ಹೇಳಿ ಹೋದ ವ್ಯಕ್ತಿ ನಾಪತ್ತೆಯಾಗಿರುವ ಘಟನೆ ನಗರದಲ್ಲಿ ನಡೆದಿದೆ. ನಗರದ ಮೈಸೂರು ರಸ್ತೆಯ ವಿನಾಯಕ ಬೀದಿ ನಿವಾಸಿ ಸಂತೋಷ್ (36) ನಾಪತ್ತೆಯಾದ ವ್ಯಕ್ತಿ ಈ ಸಂಬಂಧ ನಗರ ಠಾಣೆಯಲ್ಲಿ ದೂರು ದಾಖಲಾಗಿದೆ. ಬೆಳಿಗ್ಗೆ ಮಗಳನ್ನು ಶಾಲೆಗೆ ಬಿಟ್ಟು ಬರುವುದಾಗಿ ಹೇಳಿ ಹೋದವರು ಮತ್ತೆ ಮನೆಗೆ ಹಿಂದಿರುಗಿಲ್ಲ. ಇವರು ಕಾಣೆಯಾದ ಸಮಯದಲ್ಲಿ ಸಾಧಾರಣ ಮೈಕಟ್ಟು, ಎಣ್ಣೆಗೆಂಪು ಮೈಬಣ್ಣ ಹೊಂದಿದ್ದು ಕನ್ನಡ ಮಾತನಾಡುತ್ತಾರೆ. ಇವರ ಸುಳಿವು ಸಿಕ್ಕಲ್ಲಿ ಹತ್ತಿರದ ಪೊಲೀಸ್ ಠಾಣೆಗೆ ಮಾಹಿತಿ ನೀಡಬೇಕು ಎಂದು ಪೊಲೀಸರು ಪ್ರಕಟಣೆಯಲ್ಲಿ ತಿಳಿಸಿದ್ದಾರೆ. ಈ ಬಗ್ಗೆ ನಗರ ಪೊಲೀಸ್ ಠಾಣೆಯಲ್ಲಿ ಪ್ರಕರಣ ದಾಖಲಾಗಿದ್ದು ತನಿಖೆ ಮುಂದುವರೆದಿದೆ.
